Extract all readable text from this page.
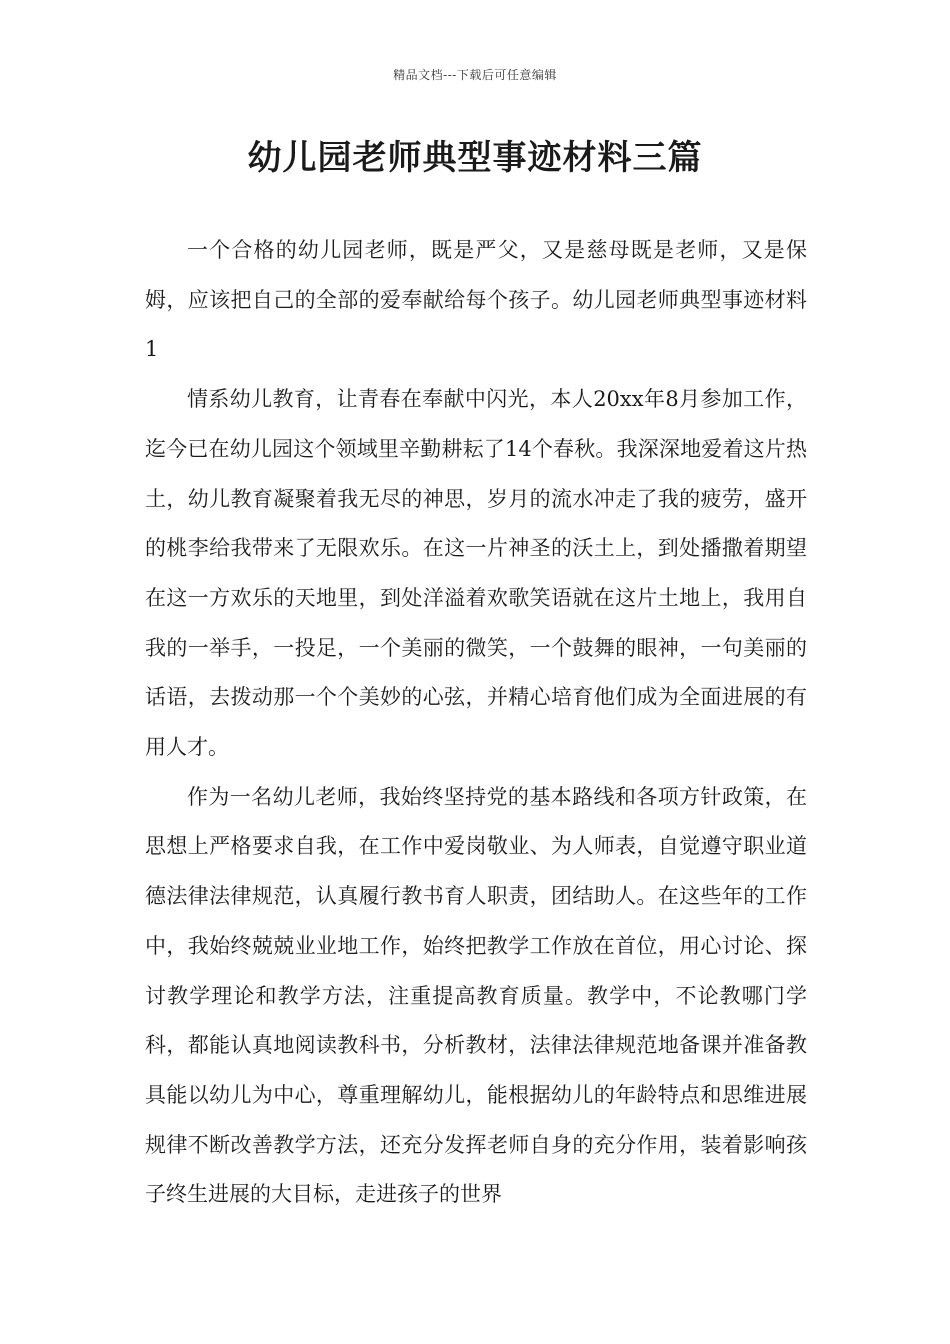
精品文档---下载后可任意编辑
幼儿园老师典型事迹材料三篇

一个合格的幼儿园老师，既是严父，又是慈母既是老师，又是保姆，应该把自己的全部的爱奉献给每个孩子。幼儿园老师典型事迹材料1

情系幼儿教育，让青春在奉献中闪光，本人20xx年8月参加工作，迄今已在幼儿园这个领域里辛勤耕耘了14个春秋。我深深地爱着这片热土，幼儿教育凝聚着我无尽的神思，岁月的流水冲走了我的疲劳，盛开的桃李给我带来了无限欢乐。在这一片神圣的沃土上，到处播撒着期望在这一方欢乐的天地里，到处洋溢着欢歌笑语就在这片土地上，我用自我的一举手，一投足，一个美丽的微笑，一个鼓舞的眼神，一句美丽的话语，去拨动那一个个美妙的心弦，并精心培育他们成为全面进展的有用人才。

作为一名幼儿老师，我始终坚持党的基本路线和各项方针政策，在思想上严格要求自我，在工作中爱岗敬业、为人师表，自觉遵守职业道德法律法律规范，认真履行教书育人职责，团结助人。在这些年的工作中，我始终兢兢业业地工作，始终把教学工作放在首位，用心讨论、探讨教学理论和教学方法，注重提高教育质量。教学中，不论教哪门学科，都能认真地阅读教科书，分析教材，法律法律规范地备课并准备教具能以幼儿为中心，尊重理解幼儿，能根据幼儿的年龄特点和思维进展规律不断改善教学方法，还充分发挥老师自身的充分作用，装着影响孩子终生进展的大目标，走进孩子的世界
